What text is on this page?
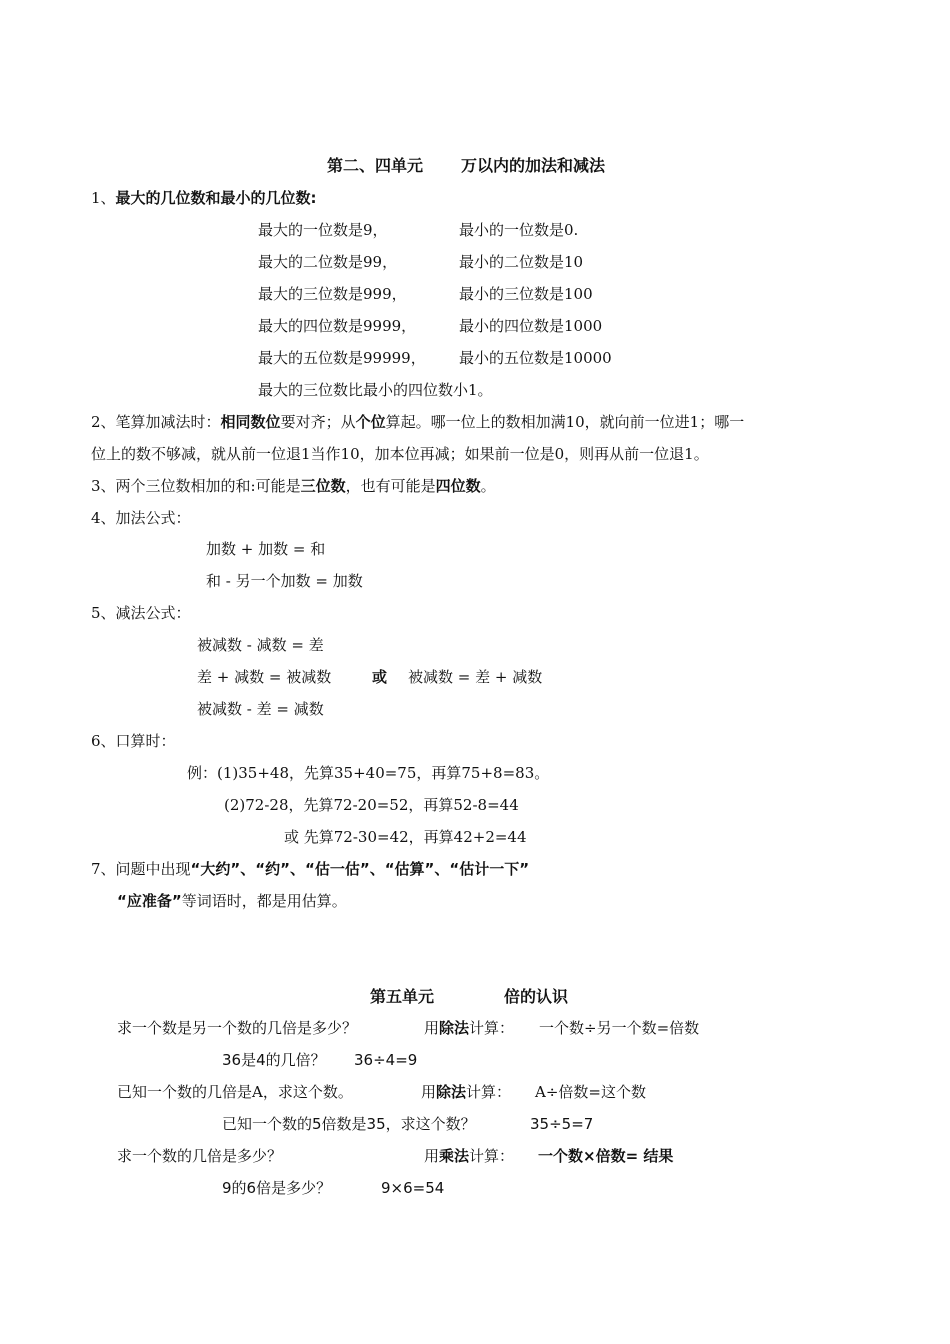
第二、四单元 万以内的加法和减法
1、最大的几位数和最小的几位数:
最大的一位数是9，	最小的一位数是0.
最大的二位数是99，	最小的二位数是10
最大的三位数是999，	最小的三位数是100
最大的四位数是9999，	最小的四位数是1000
最大的五位数是99999， 最小的五位数是10000
最大的三位数比最小的四位数小1。
2、笔算加减法时：相同数位要对齐；从个位算起。哪一位上的数相加满10，就向前一位进1；哪一
位上的数不够减，就从前一位退1当作10，加本位再减；如果前一位是0，则再从前一位退1。
3、两个三位数相加的和:可能是三位数，也有可能是四位数。
4、加法公式：
加数 + 加数 = 和
和 - 另一个加数 = 加数
5、减法公式：
被减数 - 减数 = 差
差 + 减数 = 被减数	或 被减数 = 差 + 减数
被减数 - 差 = 减数
6、口算时：
例：(1)35+48，先算35+40=75，再算75+8=83。
(2)72-28，先算72-20=52，再算52-8=44
或 先算72-30=42，再算42+2=44
7、问题中出现“大约”、“约”、“估一估”、“估算”、“估计一下”
“应准备”等词语时，都是用估算。
第五单元	倍的认识
求一个数是另一个数的几倍是多少？	用除法计算： 一个数÷另一个数=倍数
36是4的几倍？ 36÷4=9
已知一个数的几倍是A，求这个数。	用除法计算： A÷倍数=这个数
已知一个数的5倍数是35，求这个数？	35÷5=7
求一个数的几倍是多少？	用乘法计算： 一个数×倍数= 结果
9的6倍是多少？	9×6=54
